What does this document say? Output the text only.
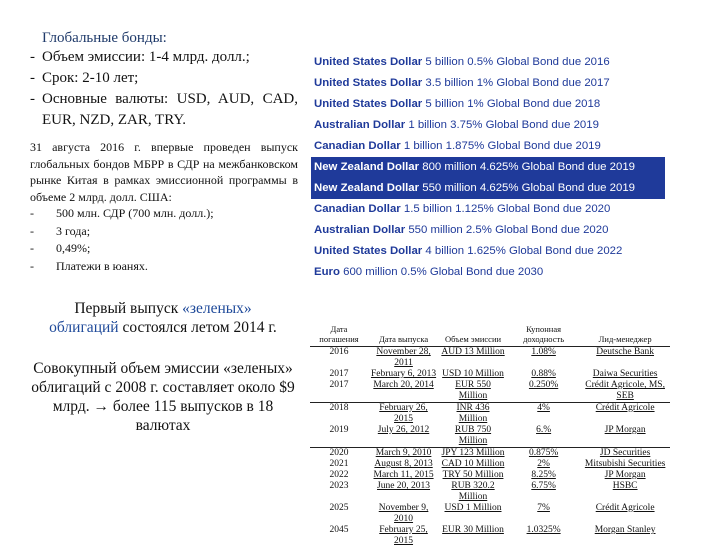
Глобальные бонды:
- Объем эмиссии: 1-4 млрд. долл.;
- Срок: 2-10 лет;
- Основные валюты: USD, AUD, CAD, EUR, NZD, ZAR, TRY.
31 августа 2016 г. впервые проведен выпуск глобальных бондов МБРР в СДР на межбанковском рынке Китая в рамках эмиссионной программы в объеме 2 млрд. долл. США:
-	500 млн. СДР (700 млн. долл.);
-	3 года;
-	0,49%;
-	Платежи в юанях.
Первый выпуск «зеленых»
облигаций состоялся летом 2014 г.
Совокупный объем эмиссии «зеленых» облигаций с 2008 г. составляет около $9 млрд. → более 115 выпусков в 18 валютах
United States Dollar 5 billion 0.5% Global Bond due 2016
United States Dollar 3.5 billion 1% Global Bond due 2017
United States Dollar 5 billion 1% Global Bond due 2018
Australian Dollar 1 billion 3.75% Global Bond due 2019
Canadian Dollar 1 billion 1.875% Global Bond due 2019
New Zealand Dollar 800 million 4.625% Global Bond due 2019
New Zealand Dollar 550 million 4.625% Global Bond due 2019
Canadian Dollar 1.5 billion 1.125% Global Bond due 2020
Australian Dollar 550 million 2.5% Global Bond due 2020
United States Dollar 4 billion 1.625% Global Bond due 2022
Euro 600 million 0.5% Global Bond due 2030
Дата погашения	Дата выпуска	Объем эмиссии	Купонная доходность	Лид-менеджер
2016	November 28, 2011	AUD 13 Million	1.08%	Deutsche Bank
2017	February 6, 2013	USD 10 Million	0.88%	Daiwa Securities
2017	March 20, 2014	EUR 550 Million	0.250%	Crédit Agricole, MS, SEB
2018	February 26, 2015	INR 436 Million	4%	Crédit Agricole
2019	July 26, 2012	RUB 750 Million	6.%	JP Morgan
2020	March 9, 2010	JPY 123 Million	0.875%	JD Securities
2021	August 8, 2013	CAD 10 Million	2%	Mitsubishi Securities
2022	March 11, 2015	TRY 50 Million	8.25%	JP Morgan
2023	June 20, 2013	RUB 320.2 Million	6.75%	HSBC
2025	November 9, 2010	USD 1 Million	7%	Crédit Agricole
2045	February 25, 2015	EUR 30 Million	1.0325%	Morgan Stanley
